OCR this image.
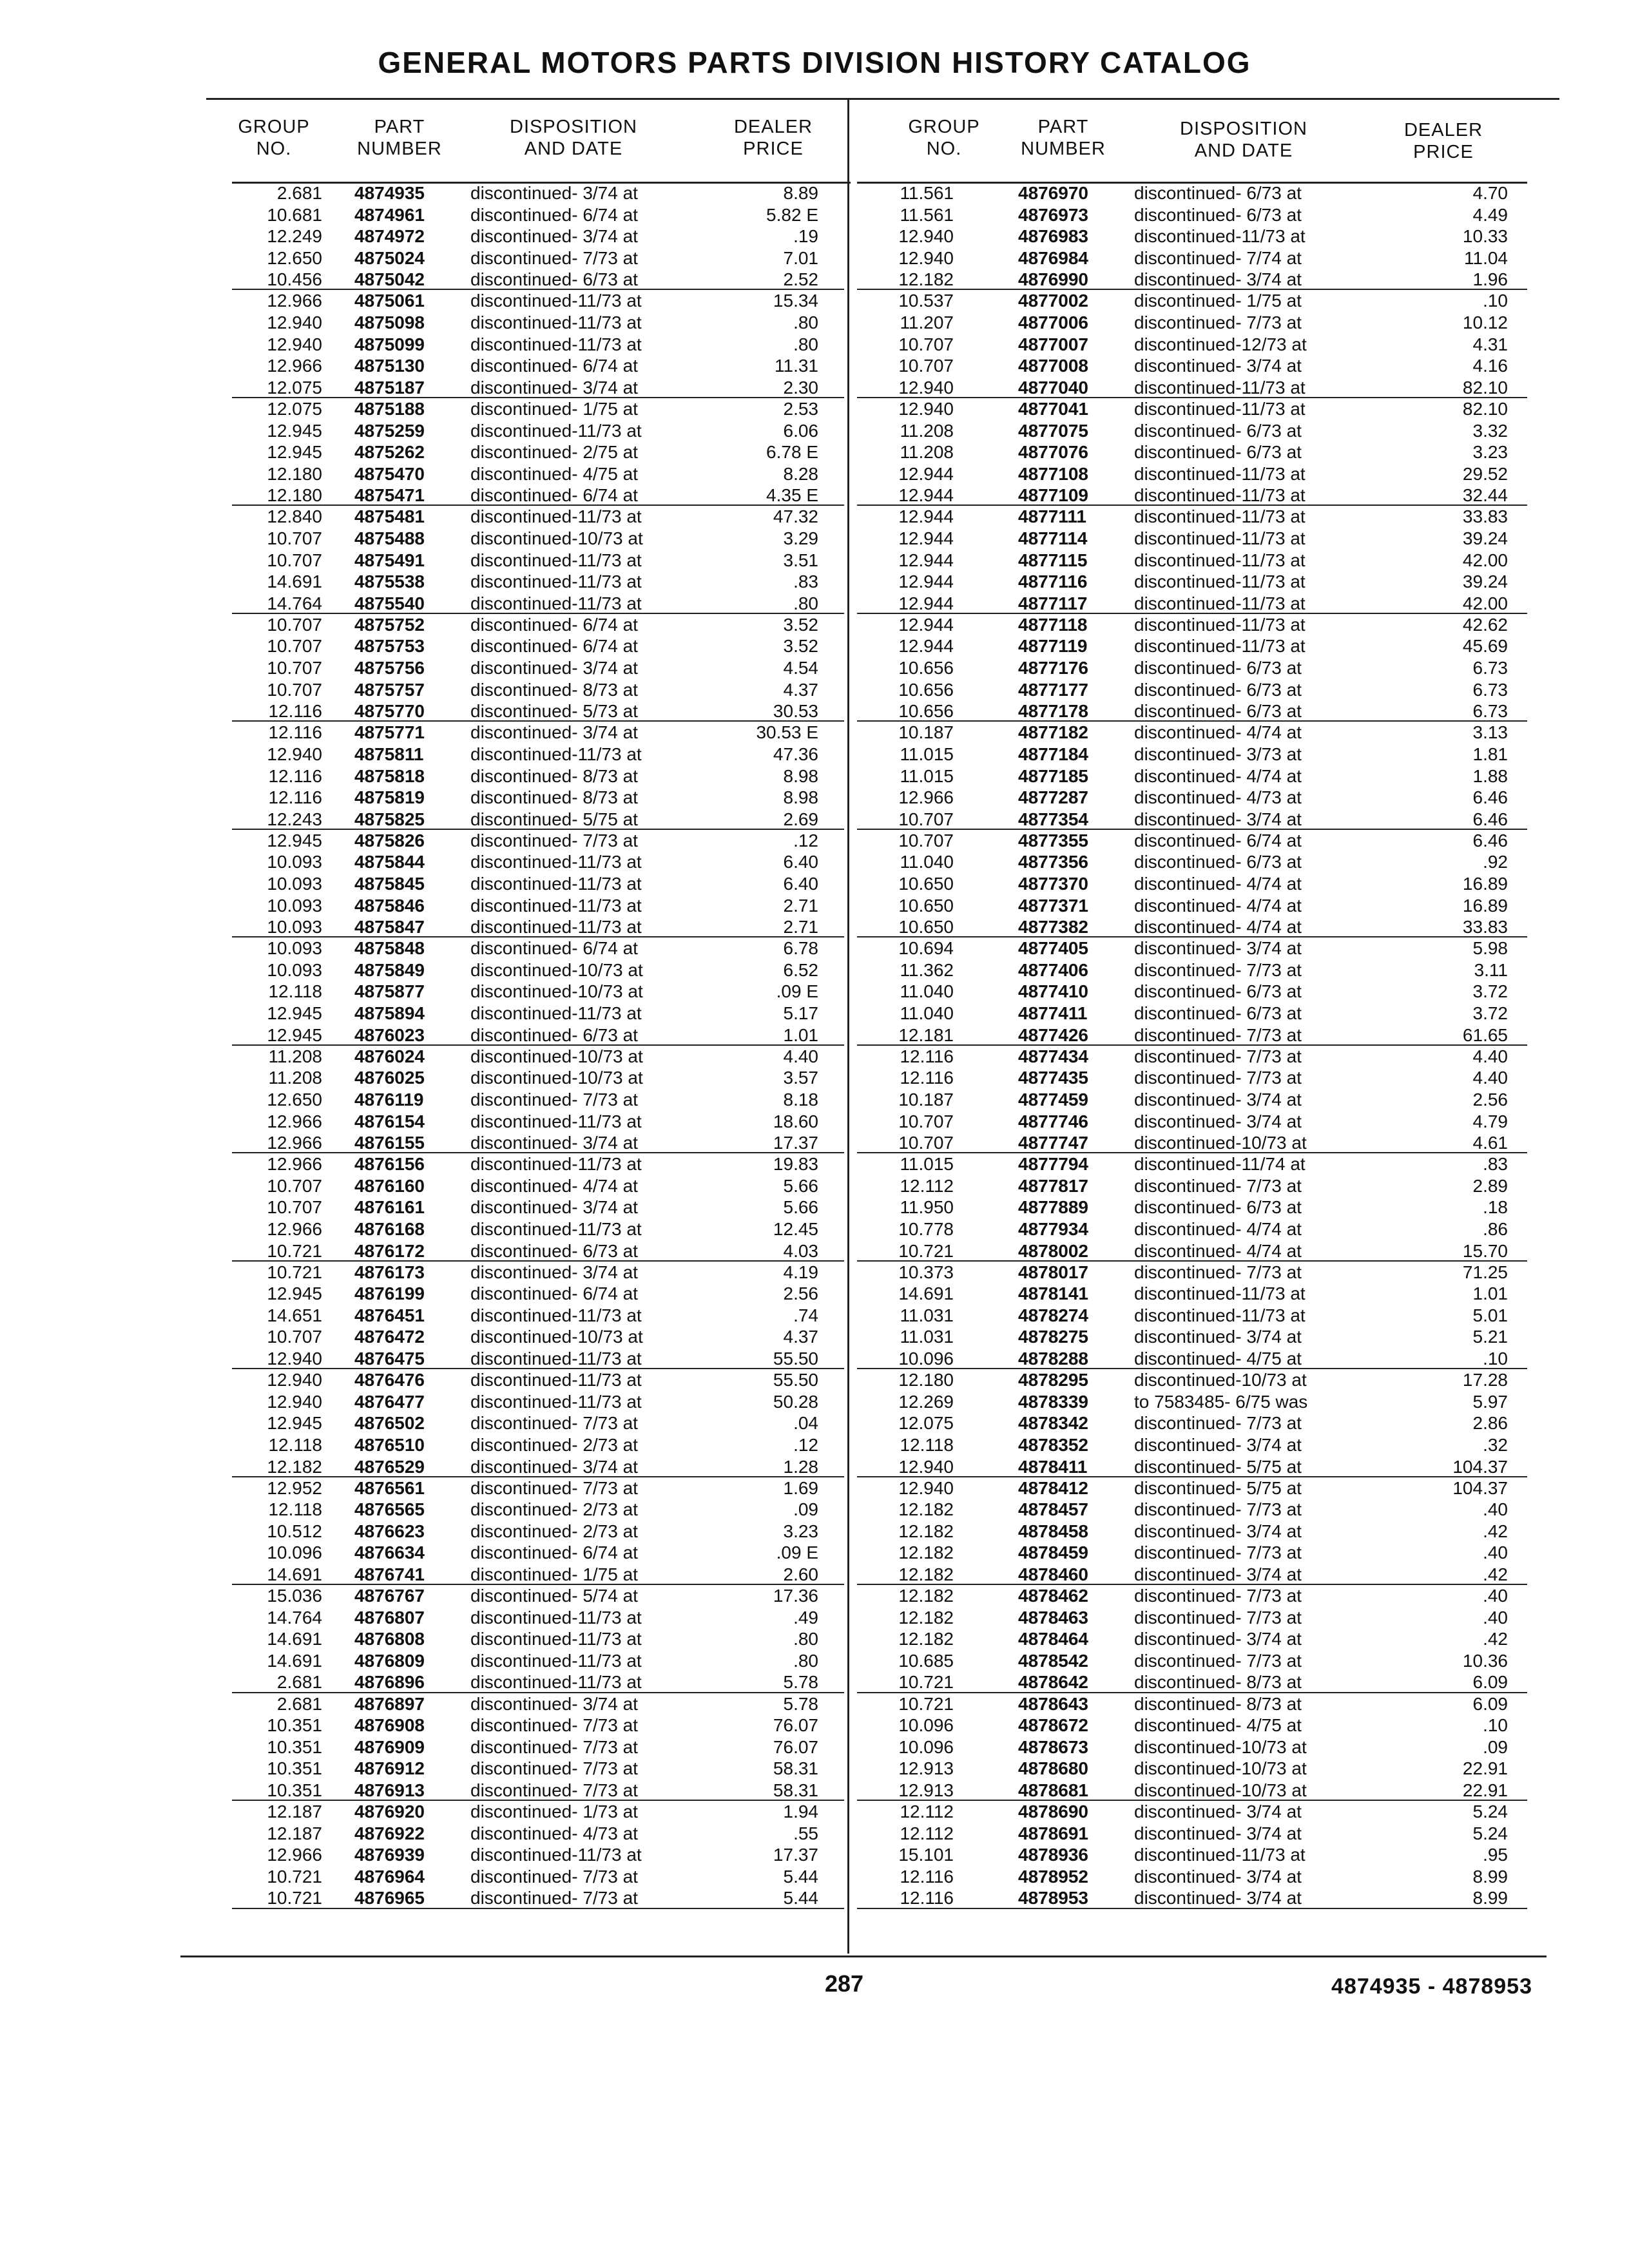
GENERAL MOTORS PARTS DIVISION HISTORY CATALOG
GROUP
NO.
PART
NUMBER
DISPOSITION
AND DATE
DEALER
PRICE
GROUP
NO.
PART
NUMBER
DISPOSITION
AND DATE
DEALER
PRICE
2.681 4874935	discontinued- 3/74 at	8.89
10.681 4874961	discontinued- 6/74 at	5.82 E
12.249 4874972	discontinued- 3/74 at	.19
12.650 4875024	discontinued- 7/73 at	7.01
10.456 4875042	discontinued- 6/73 at	2.52
12.966 4875061	discontinued-11/73 at	15.34
12.940 4875098	discontinued-11/73 at	.80
12.940 4875099	discontinued-11/73 at	.80
12.966 4875130	discontinued- 6/74 at	11.31
12.075 4875187	discontinued- 3/74 at	2.30
12.075 4875188	discontinued- 1/75 at	2.53
12.945 4875259	discontinued-11/73 at	6.06
12.945 4875262	discontinued- 2/75 at	6.78 E
12.180 4875470	discontinued- 4/75 at	8.28
12.180 4875471	discontinued- 6/74 at	4.35 E
12.840 4875481	discontinued-11/73 at	47.32
10.707 4875488	discontinued-10/73 at	3.29
10.707 4875491	discontinued-11/73 at	3.51
14.691 4875538	discontinued-11/73 at	.83
14.764 4875540	discontinued-11/73 at	.80
10.707 4875752	discontinued- 6/74 at	3.52
10.707 4875753	discontinued- 6/74 at	3.52
10.707 4875756	discontinued- 3/74 at	4.54
10.707 4875757	discontinued- 8/73 at	4.37
12.116 4875770	discontinued- 5/73 at	30.53
12.116 4875771	discontinued- 3/74 at	30.53 E
12.940 4875811	discontinued-11/73 at	47.36
12.116 4875818	discontinued- 8/73 at	8.98
12.116 4875819	discontinued- 8/73 at	8.98
12.243 4875825	discontinued- 5/75 at	2.69
12.945 4875826	discontinued- 7/73 at	.12
10.093 4875844	discontinued-11/73 at	6.40
10.093 4875845	discontinued-11/73 at	6.40
10.093 4875846	discontinued-11/73 at	2.71
10.093 4875847	discontinued-11/73 at	2.71
10.093 4875848	discontinued- 6/74 at	6.78
10.093 4875849	discontinued-10/73 at	6.52
12.118 4875877	discontinued-10/73 at	.09 E
12.945 4875894	discontinued-11/73 at	5.17
12.945 4876023	discontinued- 6/73 at	1.01
11.208 4876024	discontinued-10/73 at	4.40
11.208 4876025	discontinued-10/73 at	3.57
12.650 4876119	discontinued- 7/73 at	8.18
12.966 4876154	discontinued-11/73 at	18.60
12.966 4876155	discontinued- 3/74 at	17.37
12.966 4876156	discontinued-11/73 at	19.83
10.707 4876160	discontinued- 4/74 at	5.66
10.707 4876161	discontinued- 3/74 at	5.66
12.966 4876168	discontinued-11/73 at	12.45
10.721 4876172	discontinued- 6/73 at	4.03
10.721 4876173	discontinued- 3/74 at	4.19
12.945 4876199	discontinued- 6/74 at	2.56
14.651 4876451	discontinued-11/73 at	.74
10.707 4876472	discontinued-10/73 at	4.37
12.940 4876475	discontinued-11/73 at	55.50
12.940 4876476	discontinued-11/73 at	55.50
12.940 4876477	discontinued-11/73 at	50.28
12.945 4876502	discontinued- 7/73 at	.04
12.118 4876510	discontinued- 2/73 at	.12
12.182 4876529	discontinued- 3/74 at	1.28
12.952 4876561	discontinued- 7/73 at	1.69
12.118 4876565	discontinued- 2/73 at	.09
10.512 4876623	discontinued- 2/73 at	3.23
10.096 4876634	discontinued- 6/74 at	.09 E
14.691 4876741	discontinued- 1/75 at	2.60
15.036 4876767	discontinued- 5/74 at	17.36
14.764 4876807	discontinued-11/73 at	.49
14.691 4876808	discontinued-11/73 at	.80
14.691 4876809	discontinued-11/73 at	.80
2.681 4876896	discontinued-11/73 at	5.78
2.681 4876897	discontinued- 3/74 at	5.78
10.351 4876908	discontinued- 7/73 at	76.07
10.351 4876909	discontinued- 7/73 at	76.07
10.351 4876912	discontinued- 7/73 at	58.31
10.351 4876913	discontinued- 7/73 at	58.31
12.187 4876920	discontinued- 1/73 at	1.94
12.187 4876922	discontinued- 4/73 at	.55
12.966 4876939	discontinued-11/73 at	17.37
10.721 4876964	discontinued- 7/73 at	5.44
10.721 4876965	discontinued- 7/73 at	5.44
11.561	4876970	discontinued- 6/73 at	4.70
11.561	4876973	discontinued- 6/73 at	4.49
12.940	4876983	discontinued-11/73 at	10.33
12.940	4876984	discontinued- 7/74 at	11.04
12.182	4876990	discontinued- 3/74 at	1.96
10.537	4877002	discontinued- 1/75 at	.10
11.207	4877006	discontinued- 7/73 at	10.12
10.707	4877007	discontinued-12/73 at	4.31
10.707	4877008	discontinued- 3/74 at	4.16
12.940	4877040	discontinued-11/73 at	82.10
12.940	4877041	discontinued-11/73 at	82.10
11.208	4877075	discontinued- 6/73 at	3.32
11.208	4877076	discontinued- 6/73 at	3.23
12.944	4877108	discontinued-11/73 at	29.52
12.944	4877109	discontinued-11/73 at	32.44
12.944	4877111	discontinued-11/73 at	33.83
12.944	4877114	discontinued-11/73 at	39.24
12.944	4877115	discontinued-11/73 at	42.00
12.944	4877116	discontinued-11/73 at	39.24
12.944	4877117	discontinued-11/73 at	42.00
12.944	4877118	discontinued-11/73 at	42.62
12.944	4877119	discontinued-11/73 at	45.69
10.656	4877176	discontinued- 6/73 at	6.73
10.656	4877177	discontinued- 6/73 at	6.73
10.656	4877178	discontinued- 6/73 at	6.73
10.187	4877182	discontinued- 4/74 at	3.13
11.015	4877184	discontinued- 3/73 at	1.81
11.015	4877185	discontinued- 4/74 at	1.88
12.966	4877287	discontinued- 4/73 at	6.46
10.707	4877354	discontinued- 3/74 at	6.46
10.707	4877355	discontinued- 6/74 at	6.46
11.040	4877356	discontinued- 6/73 at	.92
10.650	4877370	discontinued- 4/74 at	16.89
10.650	4877371	discontinued- 4/74 at	16.89
10.650	4877382	discontinued- 4/74 at	33.83
10.694	4877405	discontinued- 3/74 at	5.98
11.362	4877406	discontinued- 7/73 at	3.11
11.040	4877410	discontinued- 6/73 at	3.72
11.040	4877411	discontinued- 6/73 at	3.72
12.181	4877426	discontinued- 7/73 at	61.65
12.116	4877434	discontinued- 7/73 at	4.40
12.116	4877435	discontinued- 7/73 at	4.40
10.187	4877459	discontinued- 3/74 at	2.56
10.707	4877746	discontinued- 3/74 at	4.79
10.707	4877747	discontinued-10/73 at	4.61
11.015	4877794	discontinued-11/74 at	.83
12.112	4877817	discontinued- 7/73 at	2.89
11.950	4877889	discontinued- 6/73 at	.18
10.778	4877934	discontinued- 4/74 at	.86
10.721	4878002	discontinued- 4/74 at	15.70
10.373	4878017	discontinued- 7/73 at	71.25
14.691	4878141	discontinued-11/73 at	1.01
11.031	4878274	discontinued-11/73 at	5.01
11.031	4878275	discontinued- 3/74 at	5.21
10.096	4878288	discontinued- 4/75 at	.10
12.180	4878295	discontinued-10/73 at	17.28
12.269	4878339	to 7583485- 6/75 was	5.97
12.075	4878342	discontinued- 7/73 at	2.86
12.118	4878352	discontinued- 3/74 at	.32
12.940	4878411	discontinued- 5/75 at	104.37
12.940	4878412	discontinued- 5/75 at	104.37
12.182	4878457	discontinued- 7/73 at	.40
12.182	4878458	discontinued- 3/74 at	.42
12.182	4878459	discontinued- 7/73 at	.40
12.182	4878460	discontinued- 3/74 at	.42
12.182	4878462	discontinued- 7/73 at	.40
12.182	4878463	discontinued- 7/73 at	.40
12.182	4878464	discontinued- 3/74 at	.42
10.685	4878542	discontinued- 7/73 at	10.36
10.721	4878642	discontinued- 8/73 at	6.09
10.721	4878643	discontinued- 8/73 at	6.09
10.096	4878672	discontinued- 4/75 at	.10
10.096	4878673	discontinued-10/73 at	.09
12.913	4878680	discontinued-10/73 at	22.91
12.913	4878681	discontinued-10/73 at	22.91
12.112	4878690	discontinued- 3/74 at	5.24
12.112	4878691	discontinued- 3/74 at	5.24
15.101	4878936	discontinued-11/73 at	.95
12.116	4878952	discontinued- 3/74 at	8.99
12.116	4878953	discontinued- 3/74 at	8.99
287	4874935 - 4878953
